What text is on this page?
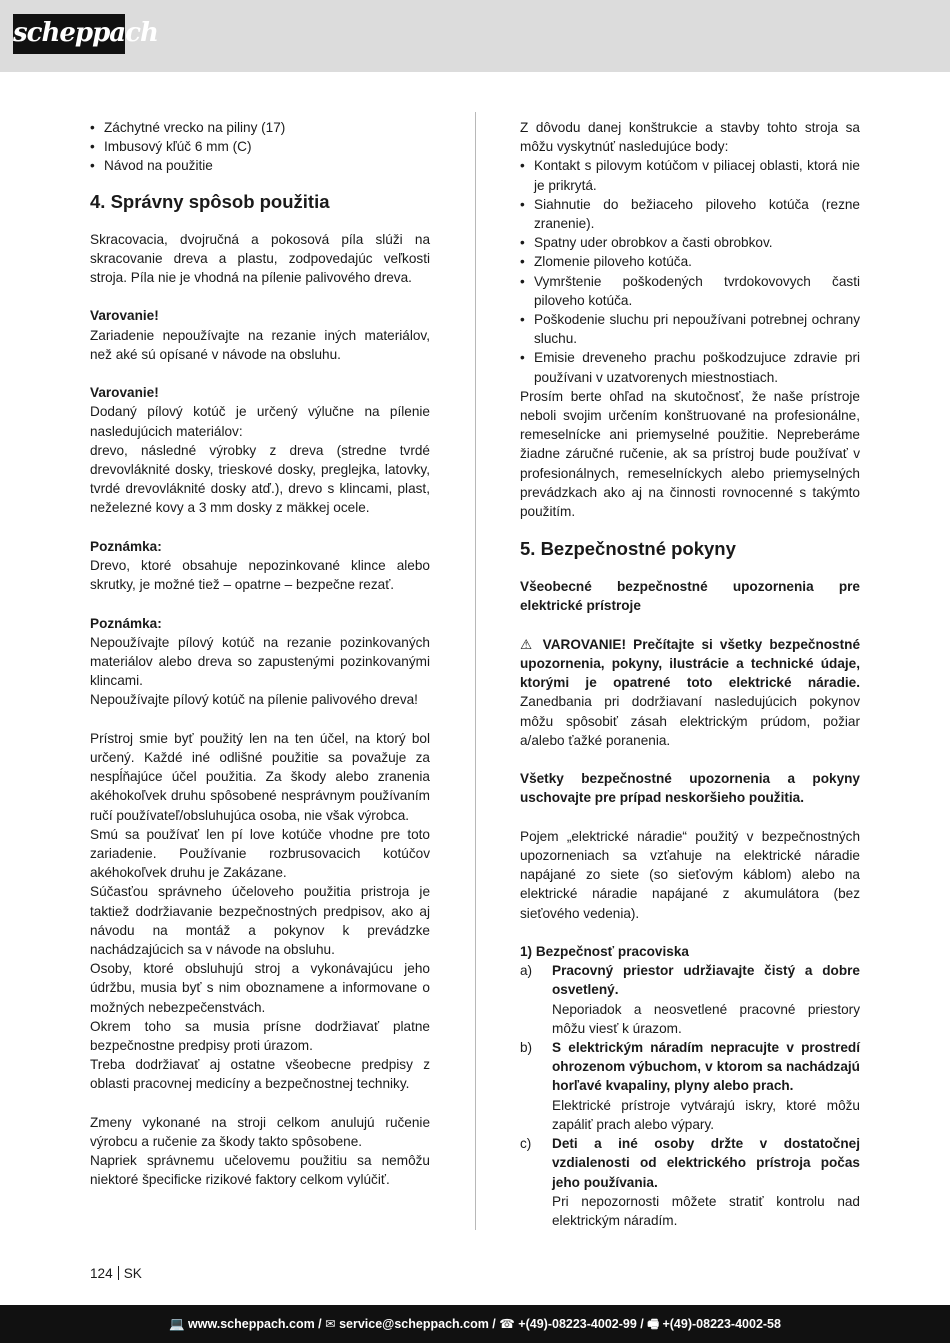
scheppach
• Záchytné vrecko na piliny (17)
• Imbusový kľúč 6 mm (C)
• Návod na použitie
4. Správny spôsob použitia

Skracovacia, dvojručná a pokosová píla slúži na skracovanie dreva a plastu, zodpovedajúc veľkosti stroja. Píla nie je vhodná na pílenie palivového dreva.

Varovanie!

Zariadenie nepoužívajte na rezanie iných materiálov, než aké sú opísané v návode na obsluhu.

Varovanie!

Dodaný pílový kotúč je určený výlučne na pílenie nasledujúcich materiálov:

drevo, následné výrobky z dreva (stredne tvrdé drevovláknité dosky, trieskové dosky, preglejka, latovky, tvrdé drevovláknité dosky atď.), drevo s klincami, plast, neželezné kovy a 3 mm dosky z mäkkej ocele.

Poznámka:

Drevo, ktoré obsahuje nepozinkované klince alebo skrutky, je možné tiež – opatrne – bezpečne rezať.

Poznámka:

Nepoužívajte pílový kotúč na rezanie pozinkovaných materiálov alebo dreva so zapustenými pozinkovanými klincami.

Nepoužívajte pílový kotúč na pílenie palivového dreva!

Prístroj smie byť použitý len na ten účel, na ktorý bol určený. Každé iné odlišné použitie sa považuje za nespĺňajúce účel použitia. Za škody alebo zranenia akéhokoľvek druhu spôsobené nesprávnym používaním ručí používateľ/obsluhujúca osoba, nie však výrobca.

Smú sa používať len pí love kotúče vhodne pre toto zariadenie. Používanie rozbrusovacich kotúčov akéhokoľvek druhu je Zakázane.

Súčasťou správneho účeloveho použitia pristroja je taktiež dodržiavanie bezpečnostných predpisov, ako aj návodu na montáž a pokynov k prevádzke nachádzajúcich sa v návode na obsluhu.

Osoby, ktoré obsluhujú stroj a vykonávajúcu jeho údržbu, musia byť s nim oboznamene a informovane o možných nebezpečenstvách.

Okrem toho sa musia prísne dodržiavať platne bezpečnostne predpisy proti úrazom.

Treba dodržiavať aj ostatne všeobecne predpisy z oblasti pracovnej medicíny a bezpečnostnej techniky.

Zmeny vykonané na stroji celkom anulujú ručenie výrobcu a ručenie za škody takto spôsobene.

Napriek správnemu učelovemu použitiu sa nemôžu niektoré špecificke rizikové faktory celkom vylúčiť.

Z dôvodu danej konštrukcie a stavby tohto stroja sa môžu vyskytnúť nasledujúce body:

• Kontakt s pilovym kotúčom v piliacej oblasti, ktorá nie je prikrytá.
• Siahnutie do bežiaceho piloveho kotúča (rezne zranenie).
• Spatny uder obrobkov a časti obrobkov.
• Zlomenie piloveho kotúča.
• Vymrštenie poškodených tvrdokovovych časti piloveho kotúča.
• Poškodenie sluchu pri nepoužívani potrebnej ochrany sluchu.
• Emisie dreveneho prachu poškodzujuce zdravie pri používani v uzatvorenych miestnostiach.

Prosím berte ohľad na skutočnosť, že naše prístroje neboli svojim určením konštruované na profesionálne, remeselnícke ani priemyselné použitie. Nepreberáme žiadne záručné ručenie, ak sa prístroj bude používať v profesionálnych, remeselníckych alebo priemyselných prevádzkach ako aj na činnosti rovnocenné s takýmto použitím.

5. Bezpečnostné pokyny

Všeobecné bezpečnostné upozornenia pre elektrické prístroje

⚠ VAROVANIE! Prečítajte si všetky bezpečnostné upozornenia, pokyny, ilustrácie a technické údaje, ktorými je opatrené toto elektrické náradie. Zanedbania pri dodržiavaní nasledujúcich pokynov môžu spôsobiť zásah elektrickým prúdom, požiar a/alebo ťažké poranenia.

Všetky bezpečnostné upozornenia a pokyny uschovajte pre prípad neskoršieho použitia.

Pojem „elektrické náradie“ použitý v bezpečnostných upozorneniach sa vzťahuje na elektrické náradie napájané zo siete (so sieťovým káblom) alebo na elektrické náradie napájané z akumulátora (bez sieťového vedenia).

1) Bezpečnosť pracoviska

a)	Pracovný priestor udržiavajte čistý a dobre osvetlený.

Neporiadok a neosvetlené pracovné priestory môžu viesť k úrazom.

b)	S elektrickým náradím nepracujte v prostredí ohrozenom výbuchom, v ktorom sa nachádzajú horľavé kvapaliny, plyny alebo prach.

Elektrické prístroje vytvárajú iskry, ktoré môžu zapáliť prach alebo výpary.

c)	Deti a iné osoby držte v dostatočnej vzdialenosti od elektrického prístroja počas jeho používania.

Pri nepozornosti môžete stratiť kontrolu nad elektrickým náradím.

124 SK
💻 www.scheppach.com / ✉ service@scheppach.com / ☎ +(49)-08223-4002-99 / 🖷 +(49)-08223-4002-58
